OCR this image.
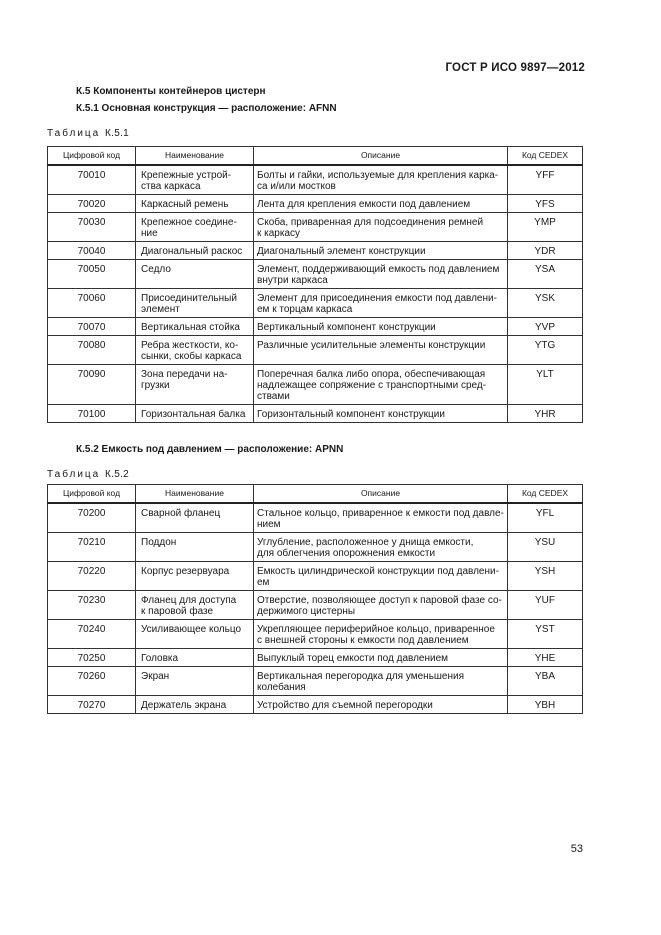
ГОСТ Р ИСО 9897—2012
К.5 Компоненты контейнеров цистерн
К.5.1 Основная конструкция — расположение: AFNN
Таблица К.5.1
Цифровой код	Наименование	Описание	Код CEDEX
70010	Крепежные устрой-
ства каркаса	Болты и гайки, используемые для крепления карка-
са и/или мостков	YFF
70020	Каркасный ремень	Лента для крепления емкости под давлением	YFS
70030	Крепежное соедине-
ние	Скоба, приваренная для подсоединения ремней
к каркасу	YMP
70040	Диагональный раскос	Диагональный элемент конструкции	YDR
70050	Седло	Элемент, поддерживающий емкость под давлением
внутри каркаса	YSA
70060	Присоединительный
элемент	Элемент для присоединения емкости под давлени-
ем к торцам каркаса	YSK
70070	Вертикальная стойка	Вертикальный компонент конструкции	YVP
70080	Ребра жесткости, ко-
сынки, скобы каркаса	Различные усилительные элементы конструкции	YTG
70090	Зона передачи на-
грузки	Поперечная балка либо опора, обеспечивающая
надлежащее сопряжение с транспортными сред-
ствами	YLT
70100	Горизонтальная балка	Горизонтальный компонент конструкции	YHR
К.5.2 Емкость под давлением — расположение: APNN
Таблица К.5.2
Цифровой код	Наименование	Описание	Код CEDEX
70200	Сварной фланец	Стальное кольцо, приваренное к емкости под давле-
нием	YFL
70210	Поддон	Углубление, расположенное у днища емкости,
для облегчения опорожнения емкости	YSU
70220	Корпус резервуара	Емкость цилиндрической конструкции под давлени-
ем	YSH
70230	Фланец для доступа
к паровой фазе	Отверстие, позволяющее доступ к паровой фазе со-
держимого цистерны	YUF
70240	Усиливающее кольцо	Укрепляющее периферийное кольцо, приваренное
с внешней стороны к емкости под давлением	YST
70250	Головка	Выпуклый торец емкости под давлением	YHE
70260	Экран	Вертикальная перегородка для уменьшения колебания	YBA
70270	Держатель экрана	Устройство для съемной перегородки	YBH
53
